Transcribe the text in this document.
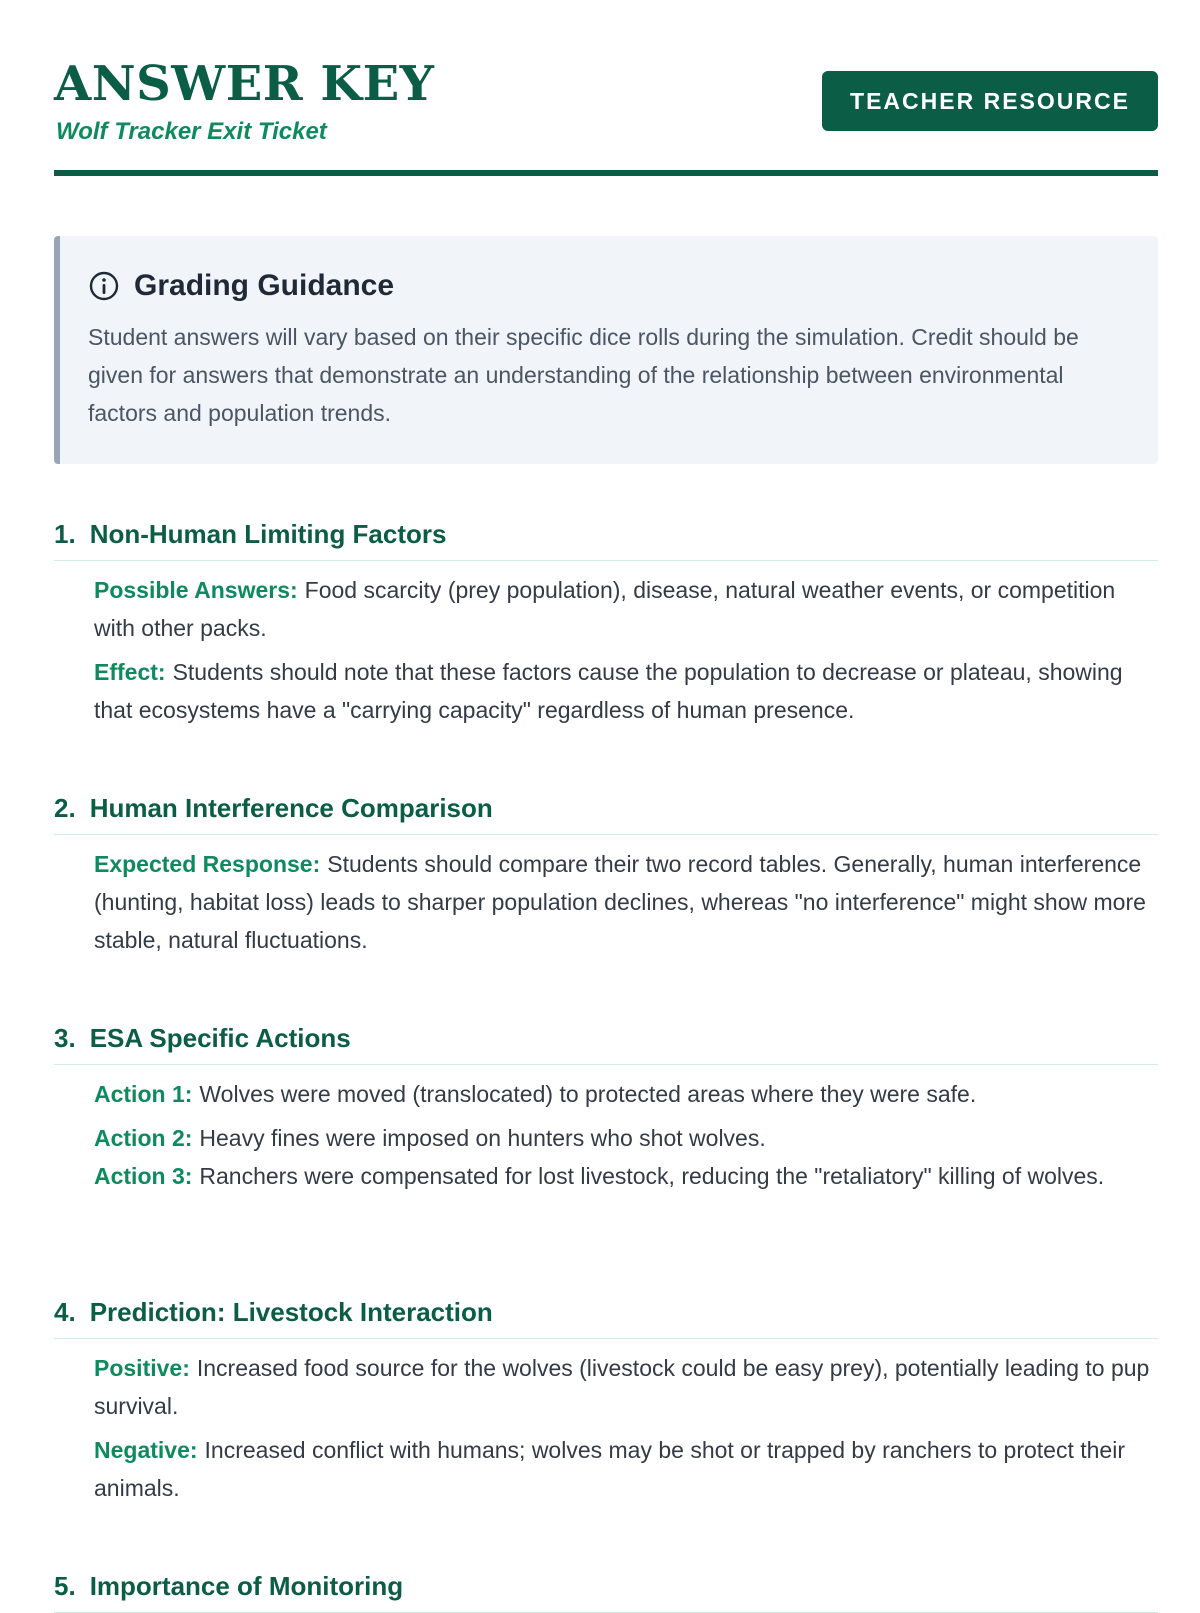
ANSWER KEY
Wolf Tracker Exit Ticket
TEACHER RESOURCE
Grading Guidance

Student answers will vary based on their specific dice rolls during the simulation. Credit should be given for answers that demonstrate an understanding of the relationship between environmental factors and population trends.

1. Non-Human Limiting Factors

Possible Answers: Food scarcity (prey population), disease, natural weather events, or competition with other packs.

Effect: Students should note that these factors cause the population to decrease or plateau, showing that ecosystems have a "carrying capacity" regardless of human presence.

2. Human Interference Comparison

Expected Response: Students should compare their two record tables. Generally, human interference (hunting, habitat loss) leads to sharper population declines, whereas "no interference" might show more stable, natural fluctuations.

3. ESA Specific Actions

Action 1: Wolves were moved (translocated) to protected areas where they were safe.

Action 2: Heavy fines were imposed on hunters who shot wolves.

Action 3: Ranchers were compensated for lost livestock, reducing the "retaliatory" killing of wolves.

4. Prediction: Livestock Interaction

Positive: Increased food source for the wolves (livestock could be easy prey), potentially leading to pup survival.

Negative: Increased conflict with humans; wolves may be shot or trapped by ranchers to protect their animals.

5. Importance of Monitoring
